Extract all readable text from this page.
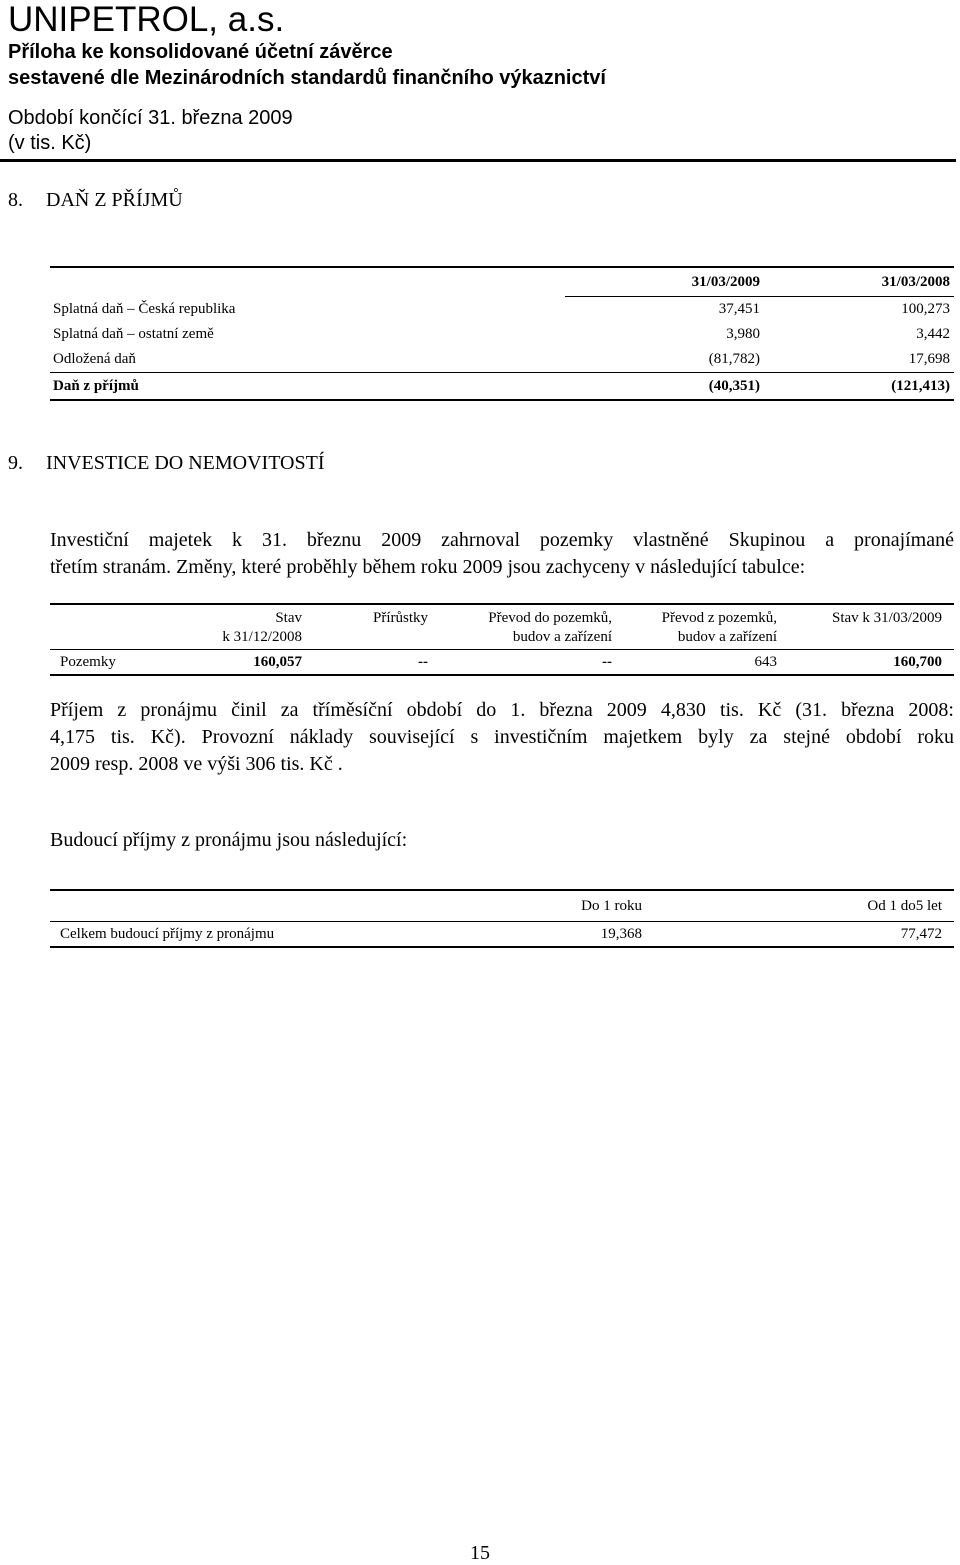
UNIPETROL, a.s.
Příloha ke konsolidované účetní závěrce
sestavené dle Mezinárodních standardů finančního výkaznictví
Období končící 31. března 2009
(v tis. Kč)
8. DAŇ Z PŘÍJMŮ
	31/03/2009	31/03/2008
Splatná daň – Česká republika	37,451	100,273
Splatná daň – ostatní země	3,980	3,442
Odložená daň	(81,782)	17,698
Daň z příjmů	(40,351)	(121,413)
9. INVESTICE DO NEMOVITOSTÍ
Investiční majetek k 31. březnu 2009 zahrnoval pozemky vlastněné Skupinou a pronajímané
třetím stranám. Změny, které proběhly během roku 2009 jsou zachyceny v následující tabulce:
	Stav	Přírůstky	Převod do pozemků,	Převod z pozemků,	Stav k 31/03/2009
	k 31/12/2008		budov a zařízení	budov a zařízení	
Pozemky	160,057	--	--	643	160,700
Příjem z pronájmu činil za tříměsíční období do 1. března 2009 4,830 tis. Kč (31. března 2008:
4,175 tis. Kč). Provozní náklady související s investičním majetkem byly za stejné období roku
2009 resp. 2008 ve výši 306 tis. Kč .
Budoucí příjmy z pronájmu jsou následující:
	Do 1 roku	Od 1 do5 let
Celkem budoucí příjmy z pronájmu	19,368	77,472
15
